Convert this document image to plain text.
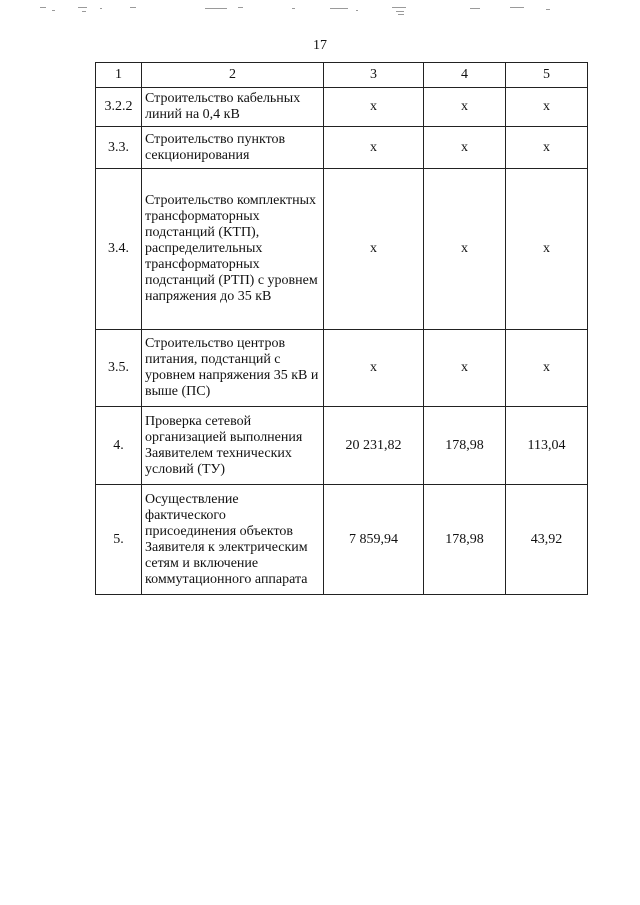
17
1	2	3	4	5
3.2.2	Строительство кабельных линий на 0,4 кВ	x	x	x
3.3.	Строительство пунктов секционирования	x	x	x
3.4.	Строительство комплектных трансформаторных подстанций (КТП), распределительных трансформаторных подстанций (РТП) с уровнем напряжения до 35 кВ	x	x	x
3.5.	Строительство центров питания, подстанций с уровнем напряжения 35 кВ и выше (ПС)	x	x	x
4.	Проверка сетевой организацией выполнения Заявителем технических условий (ТУ)	20 231,82	178,98	113,04
5.	Осуществление фактического присоединения объектов Заявителя к электрическим сетям и включение коммутационного аппарата	7 859,94	178,98	43,92
